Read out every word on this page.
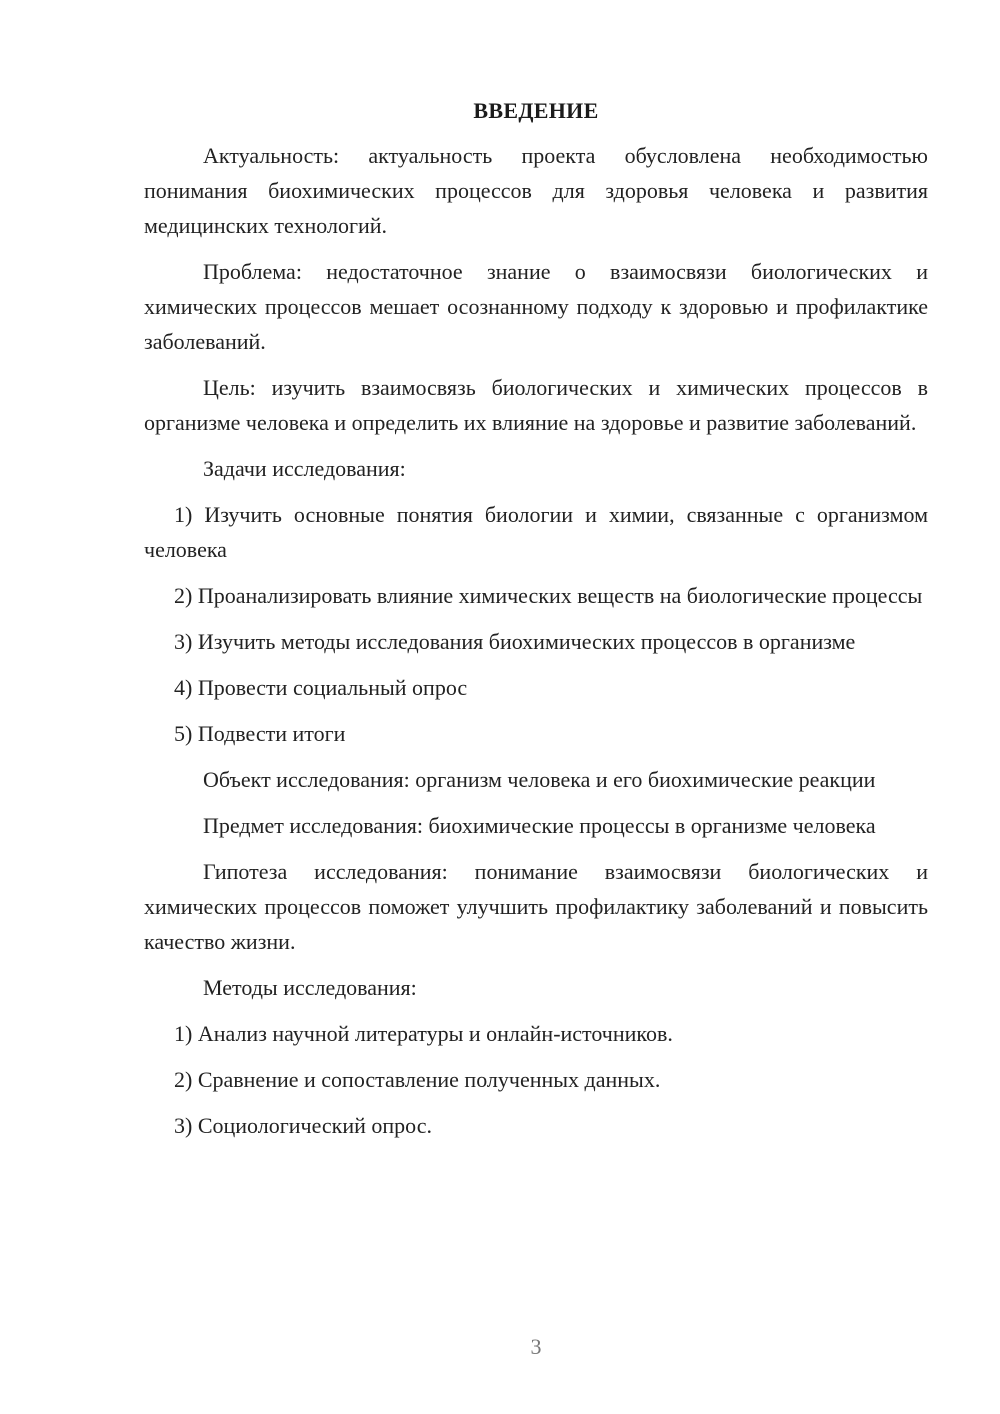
ВВЕДЕНИЕ

Актуальность: актуальность проекта обусловлена необходимостью понимания биохимических процессов для здоровья человека и развития медицинских технологий.

Проблема: недостаточное знание о взаимосвязи биологических и химических процессов мешает осознанному подходу к здоровью и профилактике заболеваний.

Цель: изучить взаимосвязь биологических и химических процессов в организме человека и определить их влияние на здоровье и развитие заболеваний.

Задачи исследования:

1) Изучить основные понятия биологии и химии, связанные с организмом человека

2) Проанализировать влияние химических веществ на биологические процессы

3) Изучить методы исследования биохимических процессов в организме

4) Провести социальный опрос

5) Подвести итоги

Объект исследования: организм человека и его биохимические реакции

Предмет исследования: биохимические процессы в организме человека

Гипотеза исследования: понимание взаимосвязи биологических и химических процессов поможет улучшить профилактику заболеваний и повысить качество жизни.

Методы исследования:

1) Анализ научной литературы и онлайн-источников.

2) Сравнение и сопоставление полученных данных.

3) Социологический опрос.

3
